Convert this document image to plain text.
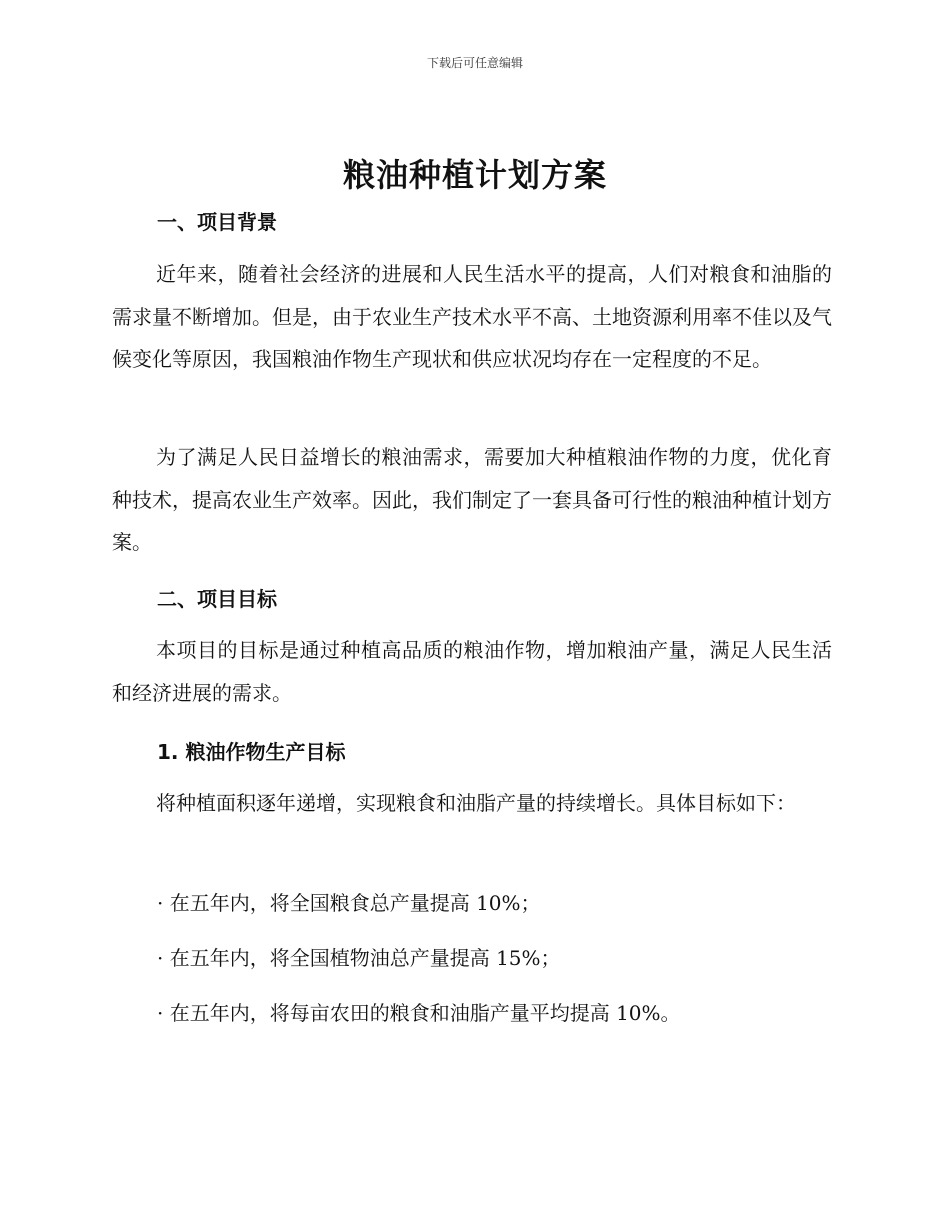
下载后可任意编辑
粮油种植计划方案
一、项目背景

近年来，随着社会经济的进展和人民生活水平的提高，人们对粮食和油脂的需求量不断增加。但是，由于农业生产技术水平不高、土地资源利用率不佳以及气候变化等原因，我国粮油作物生产现状和供应状况均存在一定程度的不足。

为了满足人民日益增长的粮油需求，需要加大种植粮油作物的力度，优化育种技术，提高农业生产效率。因此，我们制定了一套具备可行性的粮油种植计划方案。

二、项目目标

本项目的目标是通过种植高品质的粮油作物，增加粮油产量，满足人民生活和经济进展的需求。

1. 粮油作物生产目标

将种植面积逐年递增，实现粮食和油脂产量的持续增长。具体目标如下：

· 在五年内，将全国粮食总产量提高 10%；
· 在五年内，将全国植物油总产量提高 15%；
· 在五年内，将每亩农田的粮食和油脂产量平均提高 10%。
